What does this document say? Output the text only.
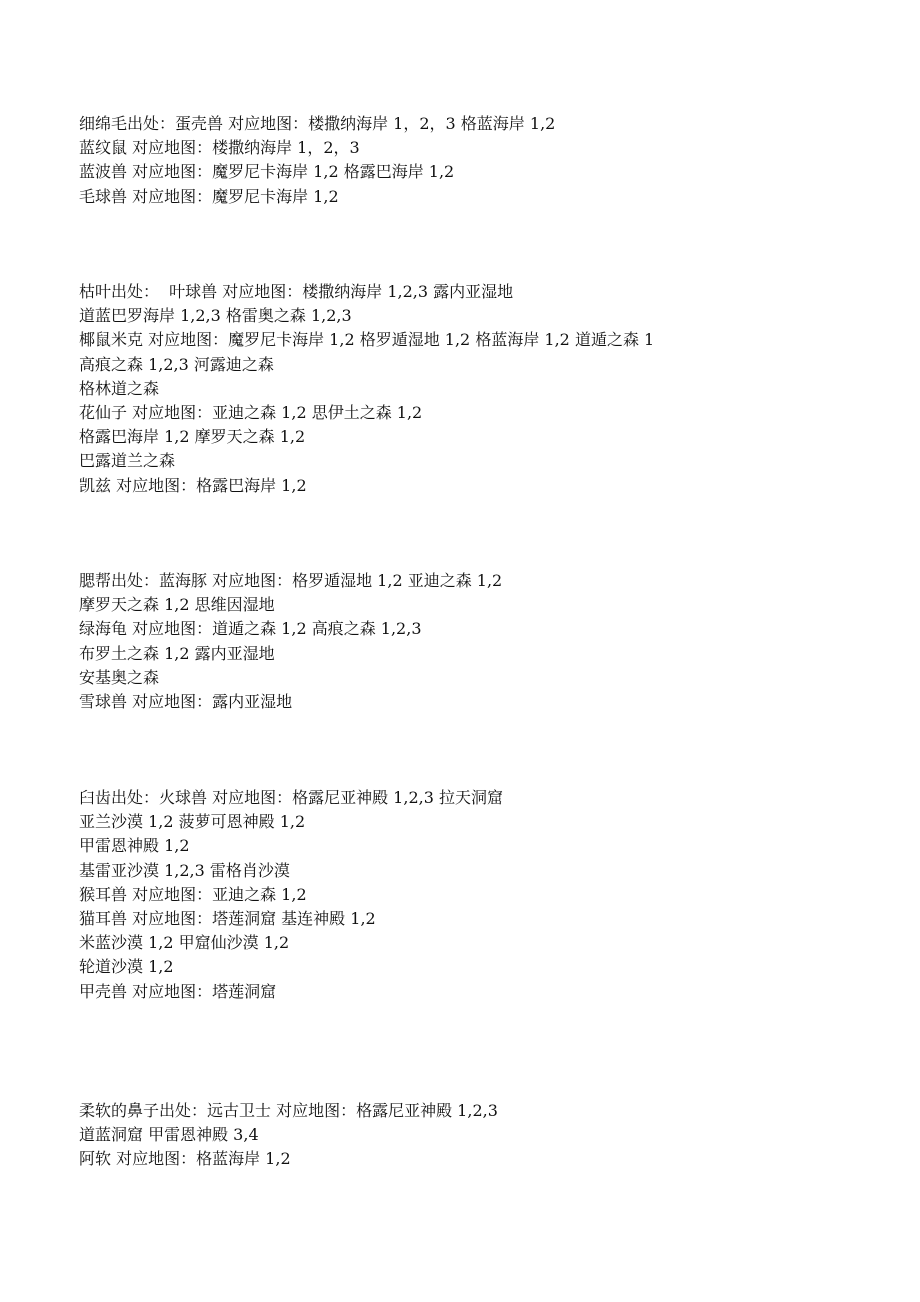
细绵毛出处：蛋壳兽 对应地图：楼撒纳海岸 1，2，3 格蓝海岸 1,2

蓝纹鼠 对应地图：楼撒纳海岸 1，2，3

蓝波兽 对应地图：魔罗尼卡海岸 1,2 格露巴海岸 1,2

毛球兽 对应地图：魔罗尼卡海岸 1,2

枯叶出处：  叶球兽 对应地图：楼撒纳海岸 1,2,3 露内亚湿地

道蓝巴罗海岸 1,2,3 格雷奥之森 1,2,3

椰鼠米克 对应地图：魔罗尼卡海岸 1,2 格罗遁湿地 1,2 格蓝海岸 1,2 道遁之森 1

高痕之森 1,2,3 河露迪之森

格林道之森

花仙子 对应地图：亚迪之森 1,2 思伊土之森 1,2

格露巴海岸 1,2 摩罗天之森 1,2

巴露道兰之森

凯兹 对应地图：格露巴海岸 1,2

腮帮出处：蓝海豚 对应地图：格罗遁湿地 1,2 亚迪之森 1,2

摩罗天之森 1,2 思维因湿地

绿海龟 对应地图：道遁之森 1,2 高痕之森 1,2,3

布罗土之森 1,2 露内亚湿地

安基奥之森

雪球兽 对应地图：露内亚湿地

臼齿出处：火球兽 对应地图：格露尼亚神殿 1,2,3 拉天洞窟

亚兰沙漠 1,2 菠萝可恩神殿 1,2

甲雷恩神殿 1,2

基雷亚沙漠 1,2,3 雷格肖沙漠

猴耳兽 对应地图：亚迪之森 1,2

猫耳兽 对应地图：塔莲洞窟 基连神殿 1,2

米蓝沙漠 1,2 甲窟仙沙漠 1,2

轮道沙漠 1,2

甲壳兽 对应地图：塔莲洞窟

柔软的鼻子出处：远古卫士 对应地图：格露尼亚神殿 1,2,3

道蓝洞窟 甲雷恩神殿 3,4

阿软 对应地图：格蓝海岸 1,2
